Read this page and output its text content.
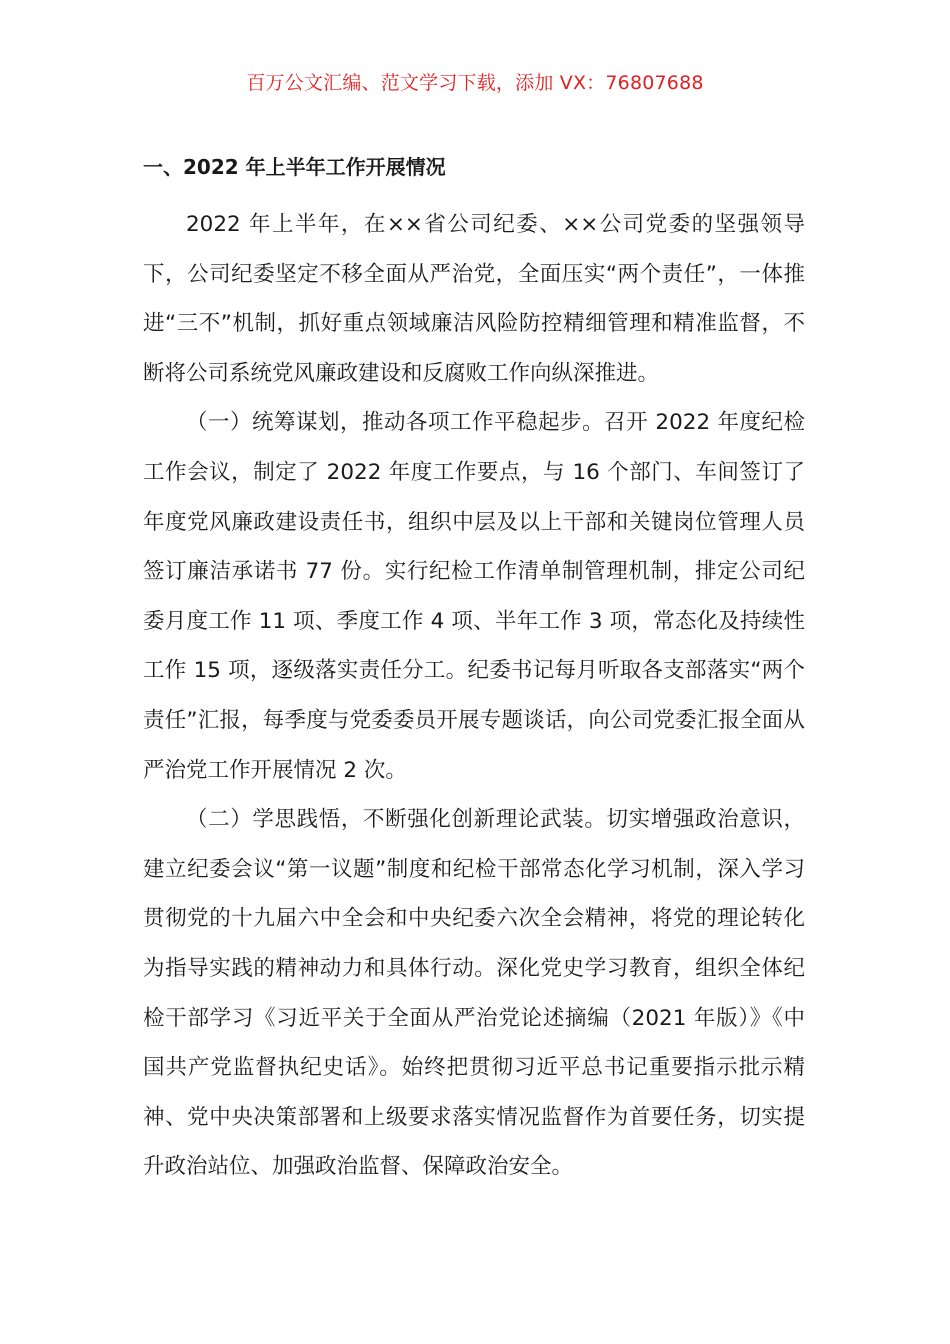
百万公文汇编、范文学习下载，添加 VX：76807688
一、2022 年上半年工作开展情况

2022 年上半年，在××省公司纪委、××公司党委的坚强领导下，公司纪委坚定不移全面从严治党，全面压实“两个责任”，一体推进“三不”机制，抓好重点领域廉洁风险防控精细管理和精准监督，不断将公司系统党风廉政建设和反腐败工作向纵深推进。

（一）统筹谋划，推动各项工作平稳起步。召开 2022 年度纪检工作会议，制定了 2022 年度工作要点，与 16 个部门、车间签订了年度党风廉政建设责任书，组织中层及以上干部和关键岗位管理人员签订廉洁承诺书 77 份。实行纪检工作清单制管理机制，排定公司纪委月度工作 11 项、季度工作 4 项、半年工作 3 项，常态化及持续性工作 15 项，逐级落实责任分工。纪委书记每月听取各支部落实“两个责任”汇报，每季度与党委委员开展专题谈话，向公司党委汇报全面从严治党工作开展情况 2 次。

（二）学思践悟，不断强化创新理论武装。切实增强政治意识，建立纪委会议“第一议题”制度和纪检干部常态化学习机制，深入学习贯彻党的十九届六中全会和中央纪委六次全会精神，将党的理论转化为指导实践的精神动力和具体行动。深化党史学习教育，组织全体纪检干部学习《习近平关于全面从严治党论述摘编（2021 年版）》《中国共产党监督执纪史话》。始终把贯彻习近平总书记重要指示批示精神、党中央决策部署和上级要求落实情况监督作为首要任务，切实提升政治站位、加强政治监督、保障政治安全。
